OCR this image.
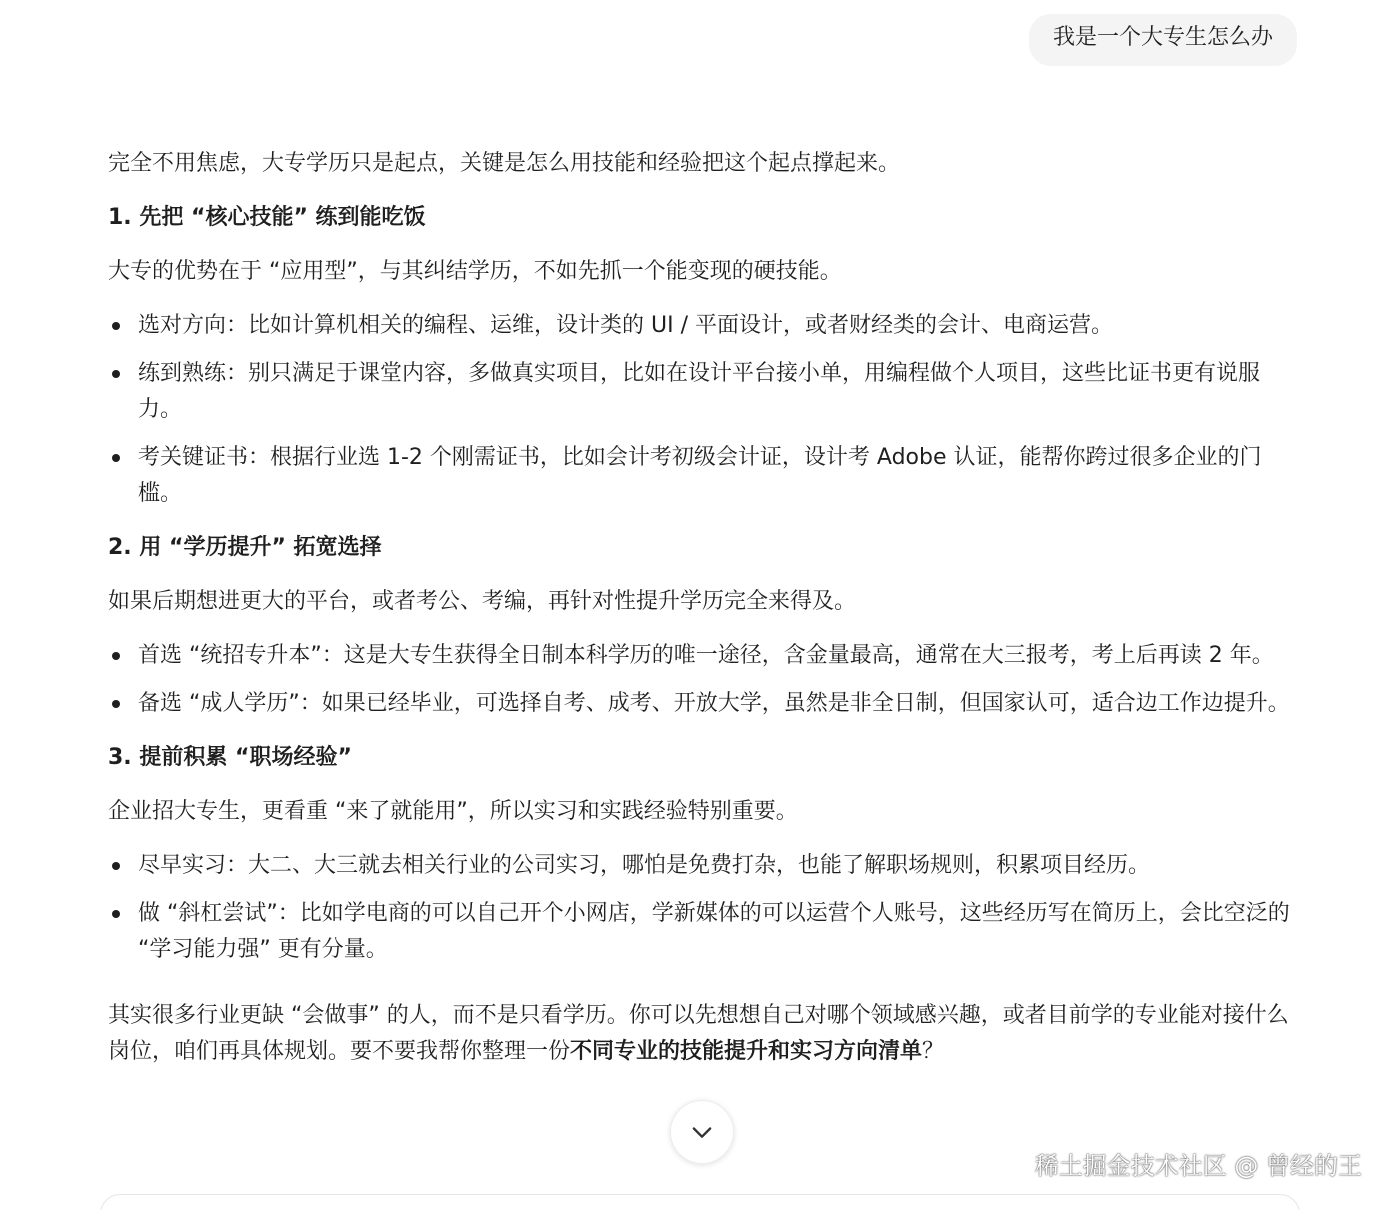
我是一个大专生怎么办

完全不用焦虑，大专学历只是起点，关键是怎么用技能和经验把这个起点撑起来。

1. 先把 “核心技能” 练到能吃饭

大专的优势在于 “应用型”，与其纠结学历，不如先抓一个能变现的硬技能。

选对方向：比如计算机相关的编程、运维，设计类的 UI / 平面设计，或者财经类的会计、电商运营。
练到熟练：别只满足于课堂内容，多做真实项目，比如在设计平台接小单，用编程做个人项目，这些比证书更有说服力。
考关键证书：根据行业选 1-2 个刚需证书，比如会计考初级会计证，设计考 Adobe 认证，能帮你跨过很多企业的门槛。

2. 用 “学历提升” 拓宽选择

如果后期想进更大的平台，或者考公、考编，再针对性提升学历完全来得及。

首选 “统招专升本”：这是大专生获得全日制本科学历的唯一途径，含金量最高，通常在大三报考，考上后再读 2 年。
备选 “成人学历”：如果已经毕业，可选择自考、成考、开放大学，虽然是非全日制，但国家认可，适合边工作边提升。

3. 提前积累 “职场经验”

企业招大专生，更看重 “来了就能用”，所以实习和实践经验特别重要。

尽早实习：大二、大三就去相关行业的公司实习，哪怕是免费打杂，也能了解职场规则，积累项目经历。
做 “斜杠尝试”：比如学电商的可以自己开个小网店，学新媒体的可以运营个人账号，这些经历写在简历上，会比空泛的 “学习能力强” 更有分量。

其实很多行业更缺 “会做事” 的人，而不是只看学历。你可以先想想自己对哪个领域感兴趣，或者目前学的专业能对接什么岗位，咱们再具体规划。要不要我帮你整理一份不同专业的技能提升和实习方向清单？

稀土掘金技术社区 @ 曾经的王
